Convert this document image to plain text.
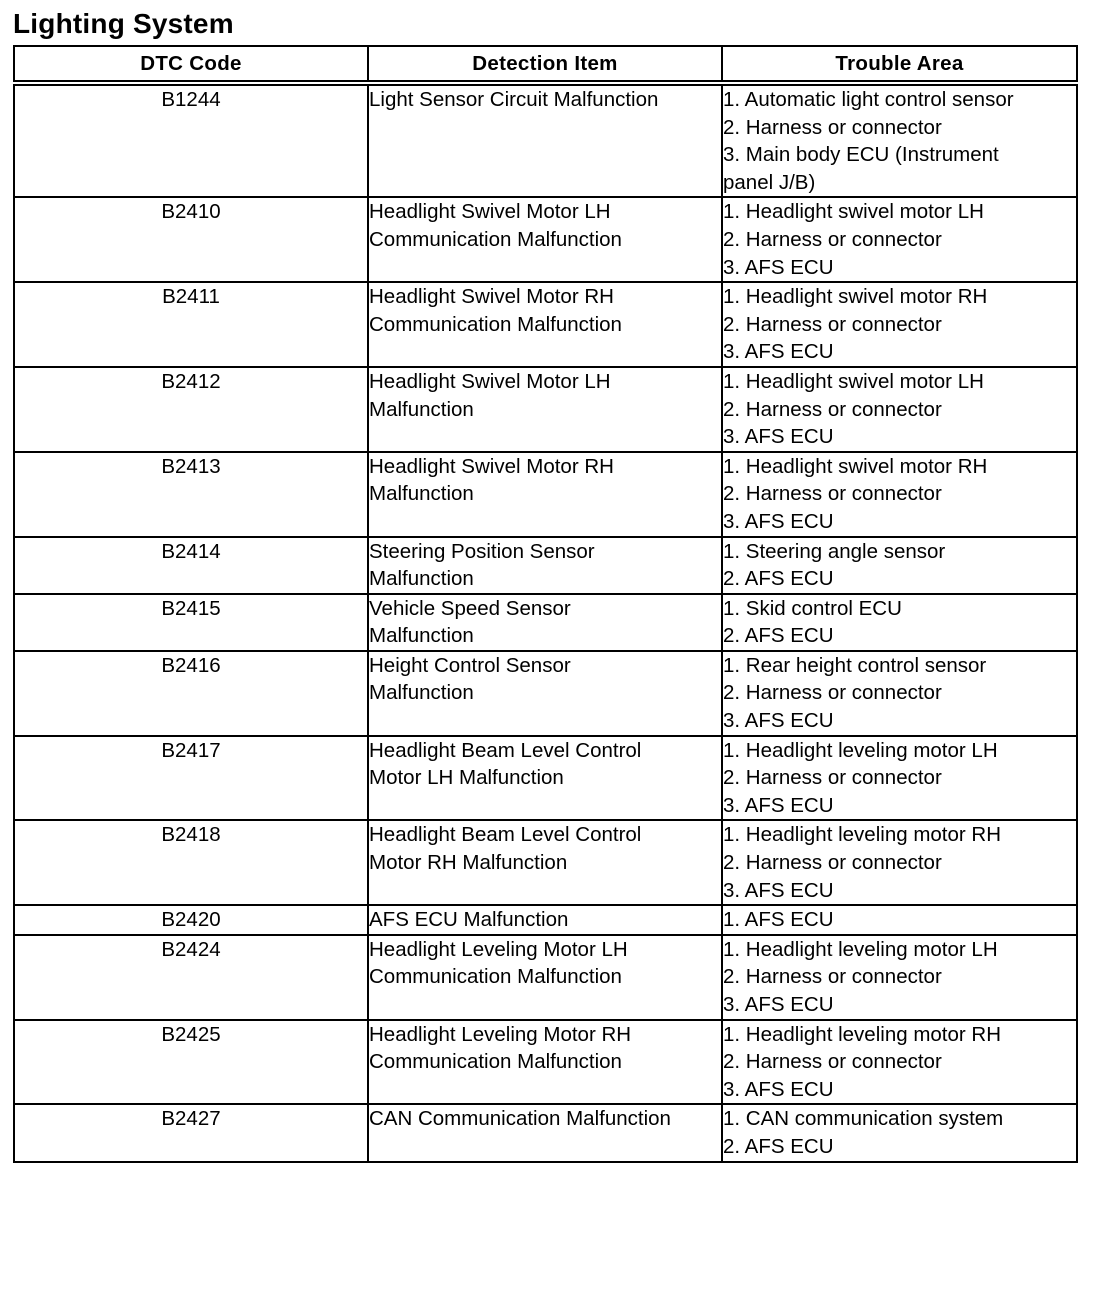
Lighting System
DTC Code	Detection Item	Trouble Area
B1244	Light Sensor Circuit Malfunction	1. Automatic light control sensor
2. Harness or connector
3. Main body ECU (Instrument
panel J/B)

B2410	Headlight Swivel Motor LH
Communication Malfunction	1. Headlight swivel motor LH
2. Harness or connector
3. AFS ECU

B2411	Headlight Swivel Motor RH
Communication Malfunction	1. Headlight swivel motor RH
2. Harness or connector
3. AFS ECU

B2412	Headlight Swivel Motor LH
Malfunction	1. Headlight swivel motor LH
2. Harness or connector
3. AFS ECU

B2413	Headlight Swivel Motor RH
Malfunction	1. Headlight swivel motor RH
2. Harness or connector
3. AFS ECU

B2414	Steering Position Sensor
Malfunction	1. Steering angle sensor
2. AFS ECU

B2415	Vehicle Speed Sensor
Malfunction	1. Skid control ECU
2. AFS ECU

B2416	Height Control Sensor
Malfunction	1. Rear height control sensor
2. Harness or connector
3. AFS ECU

B2417	Headlight Beam Level Control
Motor LH Malfunction	1. Headlight leveling motor LH
2. Harness or connector
3. AFS ECU

B2418	Headlight Beam Level Control
Motor RH Malfunction	1. Headlight leveling motor RH
2. Harness or connector
3. AFS ECU

B2420	AFS ECU Malfunction	1. AFS ECU

B2424	Headlight Leveling Motor LH
Communication Malfunction	1. Headlight leveling motor LH
2. Harness or connector
3. AFS ECU

B2425	Headlight Leveling Motor RH
Communication Malfunction	1. Headlight leveling motor RH
2. Harness or connector
3. AFS ECU

B2427	CAN Communication Malfunction	1. CAN communication system
2. AFS ECU
